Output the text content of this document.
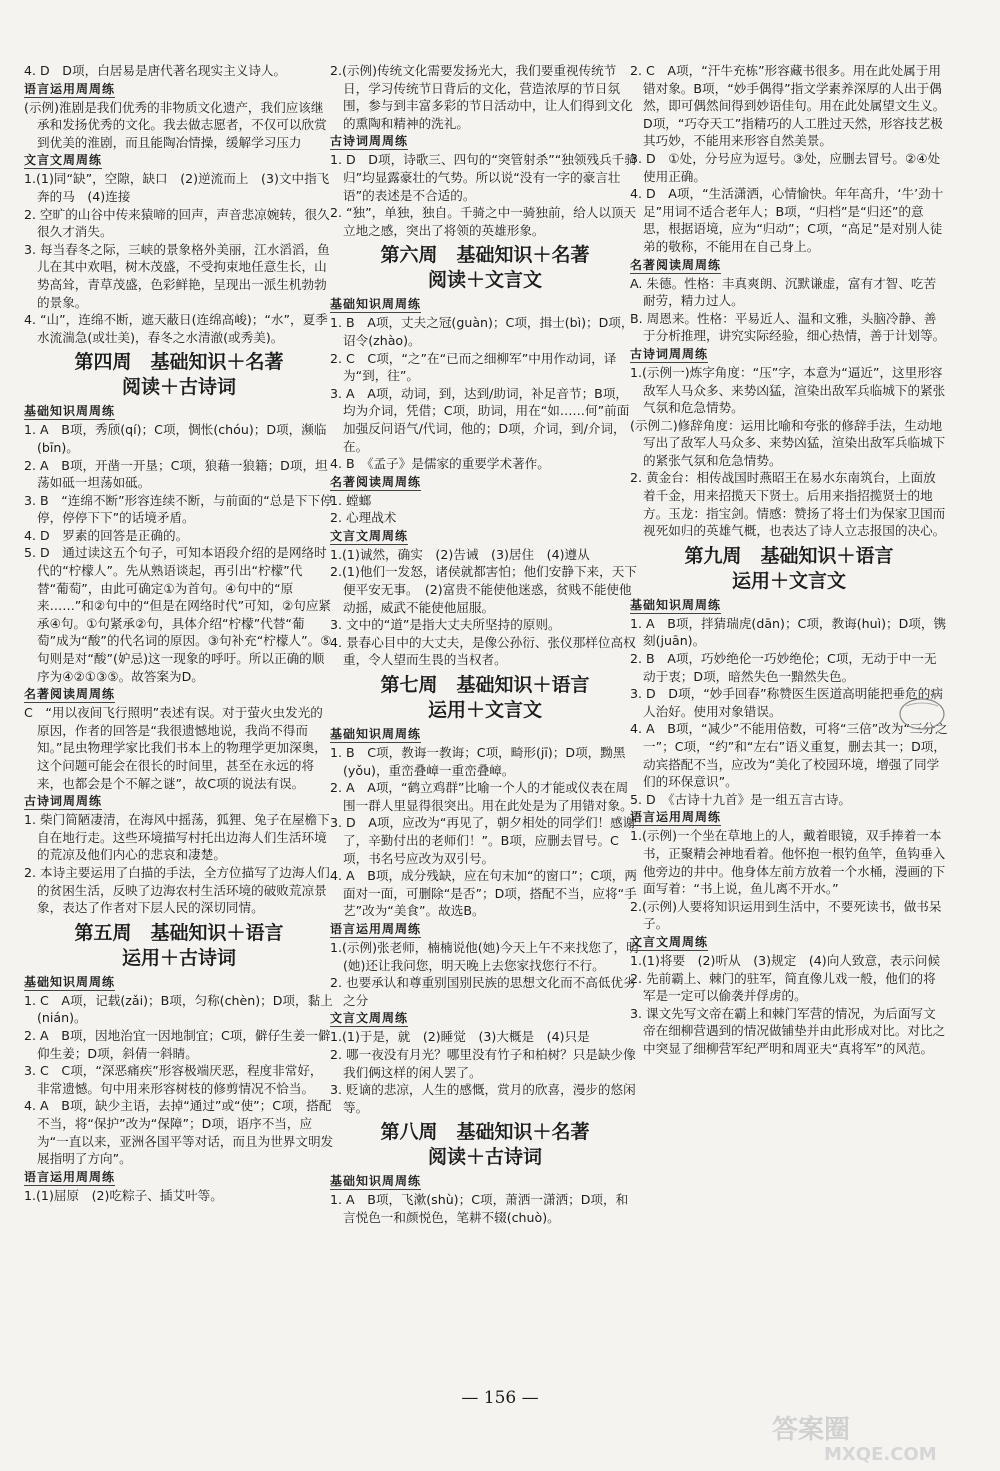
4. D　D项，白居易是唐代著名现实主义诗人。

语言运用周周练

(示例)淮剧是我们优秀的非物质文化遗产，我们应该继承和发扬优秀的文化。我去做志愿者，不仅可以欣赏到优美的淮剧，而且能陶冶情操，缓解学习压力

文言文周周练

1.(1)同“缺”，空隙，缺口　(2)逆流而上　(3)文中指飞奔的马　(4)连接

2. 空旷的山谷中传来猿啼的回声，声音悲凉婉转，很久很久才消失。

3. 每当春冬之际，三峡的景象格外美丽，江水滔滔，鱼儿在其中欢唱，树木茂盛，不受拘束地任意生长，山势高耸，青草茂盛，色彩鲜艳，呈现出一派生机勃勃的景象。

4. “山”，连绵不断，遮天蔽日(连绵高峻)；“水”，夏季水流湍急(或壮美)，春冬之水清澈(或秀美)。

第四周　基础知识＋名著
阅读＋古诗词
基础知识周周练

1. A　B项，秀颀(qí)；C项，惆怅(chóu)；D项，濒临(bīn)。

2. A　B项，开凿一开垦；C项，狼藉一狼籍；D项，坦荡如砥一坦荡如砥。

3. B　“连绵不断”形容连续不断，与前面的“总是下下停停，停停下下”的话境矛盾。

4. D　罗素的回答是正确的。

5. D　通过读这五个句子，可知本语段介绍的是网络时代的“柠檬人”。先从熟语谈起，再引出“柠檬”代替“葡萄”，由此可确定①为首句。④句中的“原来……”和②句中的“但是在网络时代”可知，②句应紧承④句。①句紧承②句，具体介绍“柠檬”代替“葡萄”成为“酸”的代名词的原因。③句补充“柠檬人”。⑤句则是对“酸”(妒忌)这一现象的呼吁。所以正确的顺序为④②①③⑤。故答案为D。

名著阅读周周练

C　“用以夜间飞行照明”表述有误。对于萤火虫发光的原因，作者的回答是“我很遗憾地说，我尚不得而知。”昆虫物理学家比我们书本上的物理学更加深奥，这个问题可能会在很长的时间里，甚至在永远的将来，也都会是个不解之谜”，故C项的说法有误。

古诗词周周练

1. 柴门简陋凄清，在海风中摇荡，狐狸、兔子在屋檐下自在地行走。这些环境描写村托出边海人们生活环境的荒凉及他们内心的悲哀和凄楚。

2. 本诗主要运用了白描的手法，全方位描写了边海人们的贫困生活，反映了边海农村生活环境的破败荒凉景象，表达了作者对下层人民的深切同情。

第五周　基础知识＋语言
运用＋古诗词
基础知识周周练

1. C　A项，记载(zǎi)；B项，匀称(chèn)；D项，黏上(nián)。

2. A　B项，因地治宜一因地制宜；C项，僻仔生姜一僻仰生姜；D项，斜倩一斜睛。

3. C　C项，“深恶痛疾”形容极端厌恶，程度非常好，非常遗憾。句中用来形容树枝的修剪情况不恰当。

4. A　B项，缺少主语，去掉“通过”或“使”；C项，搭配不当，将“保护”改为“保障”；D项，语序不当，应为“一直以来，亚洲各国平等对话，而且为世界文明发展指明了方向”。

语言运用周周练

1.(1)屈原　(2)吃粽子、插艾叶等。

2.(示例)传统文化需要发扬光大，我们要重视传统节日，学习传统节日背后的文化，营造浓厚的节日氛围，参与到丰富多彩的节日活动中，让人们得到文化的熏陶和精神的洗礼。

古诗词周周练

1. D　D项，诗歌三、四句的“突管射杀”“独领残兵千骑归”均显露豪壮的气势。所以说“没有一字的豪言壮语”的表述是不合适的。

2. “独”，单独，独自。千骑之中一骑独前，给人以顶天立地之感，突出了将领的英雄形象。

第六周　基础知识＋名著
阅读＋文言文
基础知识周周练

1. B　A项，丈夫之冠(guàn)；C项，揖士(bì)；D项，诏令(zhào)。

2. C　C项，“之”在“已而之细柳军”中用作动词，译为“到，往”。

3. A　A项，动词，到，达到/助词，补足音节；B项，均为介词，凭借；C项，助词，用在“如……何”前面加强反问语气/代词，他的；D项，介词，到/介词，在。

4. B　《孟子》是儒家的重要学术著作。

名著阅读周周练

1. 螳螂

2. 心理战术

文言文周周练

1.(1)诚然，确实　(2)告诫　(3)居住　(4)遵从

2.(1)他们一发怒，诸侯就都害怕；他们安静下来，天下便平安无事。　(2)富贵不能使他迷惑，贫贱不能使他动摇，威武不能使他屈服。

3. 文中的“道”是指大丈夫所坚持的原则。

4. 景春心目中的大丈夫，是像公孙衍、张仪那样位高权重，令人望而生畏的当权者。

第七周　基础知识＋语言
运用＋文言文
基础知识周周练

1. B　C项，教诲一教诲；C项，畸形(jī)；D项，黝黑(yǒu)，重峦叠嶂一重峦叠嶂。

2. A　A项，“鹤立鸡群”比喻一个人的才能或仪表在周围一群人里显得很突出。用在此处是为了用错对象。

3. D　A项，应改为“再见了，朝夕相处的同学们！感谢了，辛勤付出的老师们！”。B项，应删去冒号。C项，书名号应改为双引号。

4. A　B项，成分残缺，应在句末加“的窗口”；C项，两面对一面，可删除“是否”；D项，搭配不当，应将“手艺”改为“美食”。故选B。

语言运用周周练

1.(示例)张老师，楠楠说他(她)今天上午不来找您了，明(她)还让我问您，明天晚上去您家找您行不行。

2. 也要承认和尊重别国别民族的思想文化而不高低优劣之分

文言文周周练

1.(1)于是，就　(2)睡觉　(3)大概是　(4)只是

2. 哪一夜没有月光？哪里没有竹子和柏树？只是缺少像我们俩这样的闲人罢了。

3. 贬谪的悲凉，人生的感慨，赏月的欣喜，漫步的悠闲等。

第八周　基础知识＋名著
阅读＋古诗词
基础知识周周练

1. A　B项，飞漱(shù)；C项，萧洒一潇洒；D项，和言悦色一和颜悦色，笔耕不辍(chuò)。

2. C　A项，“汗牛充栋”形容藏书很多。用在此处属于用错对象。B项，“妙手偶得”指文学素养深厚的人出于偶然，即可偶然间得到妙语佳句。用在此处属望文生义。D项，“巧夺天工”指精巧的人工胜过天然，形容技艺极其巧妙，不能用来形容自然美景。

3. D　①处，分号应为逗号。③处，应删去冒号。②④处使用正确。

4. D　A项，“生活潇洒，心情愉快。年年高升，‘牛’劲十足”用词不适合老年人；B项，“归档”是“归还”的意思，根据语境，应为“归动”；C项，“高足”是对别人徒弟的敬称，不能用在自己身上。

名著阅读周周练

A. 朱德。性格：丰真爽朗、沉默谦虚，富有才智、吃苦耐劳，精力过人。

B. 周恩来。性格：平易近人、温和文雅，头脑冷静、善于分析推理，讲究实际经验，细心热情，善于计划等。

古诗词周周练

1.(示例一)炼字角度：“压”字，本意为“逼近”，这里形容敌军人马众多、来势凶猛，渲染出敌军兵临城下的紧张气氛和危急情势。

(示例二)修辞角度：运用比喻和夸张的修辞手法，生动地写出了敌军人马众多、来势凶猛，渲染出敌军兵临城下的紧张气氛和危急情势。

2. 黄金台：相传战国时燕昭王在易水东南筑台，上面放着千金，用来招揽天下贤士。后用来指招揽贤士的地方。玉龙：指宝剑。情感：赞扬了将士们为保家卫国而视死如归的英雄气概，也表达了诗人立志报国的决心。

第九周　基础知识＋语言
运用＋文言文
基础知识周周练

1. A　B项，拌猜瑞虎(dān)；C项，教诲(huì)；D项，镌刻(juān)。

2. B　A项，巧妙绝伦一巧妙绝伦；C项，无动于中一无动于衷；D项，暗然失色一黯然失色。

3. D　D项，“妙手回春”称赞医生医道高明能把垂危的病人治好。使用对象错误。

4. A　B项，“减少”不能用倍数，可将“三倍”改为“三分之一”；C项，“约”和“左右”语义重复，删去其一；D项，动宾搭配不当，应改为“美化了校园环境，增强了同学们的环保意识”。

5. D　《古诗十九首》是一组五言古诗。

语言运用周周练

1.(示例)一个坐在草地上的人，戴着眼镜，双手捧着一本书，正聚精会神地看着。他怀抱一根钓鱼竿，鱼钩垂入他旁边的井中。他身体左前方放着一个水桶，漫画的下面写着：“书上说，鱼儿离不开水。”

2.(示例)人要将知识运用到生活中，不要死读书，做书呆子。

文言文周周练

1.(1)将要　(2)听从　(3)规定　(4)向人致意，表示问候

2. 先前霸上、棘门的驻军，简直像儿戏一般，他们的将军是一定可以偷袭并俘虏的。

3. 课文先写文帝在霸上和棘门军营的情况，为后面写文帝在细柳营遇到的情况做铺垫并由此形成对比。对比之中突显了细柳营军纪严明和周亚夫“真将军”的风范。

— 156 —
答案圈
MXQE.COM
